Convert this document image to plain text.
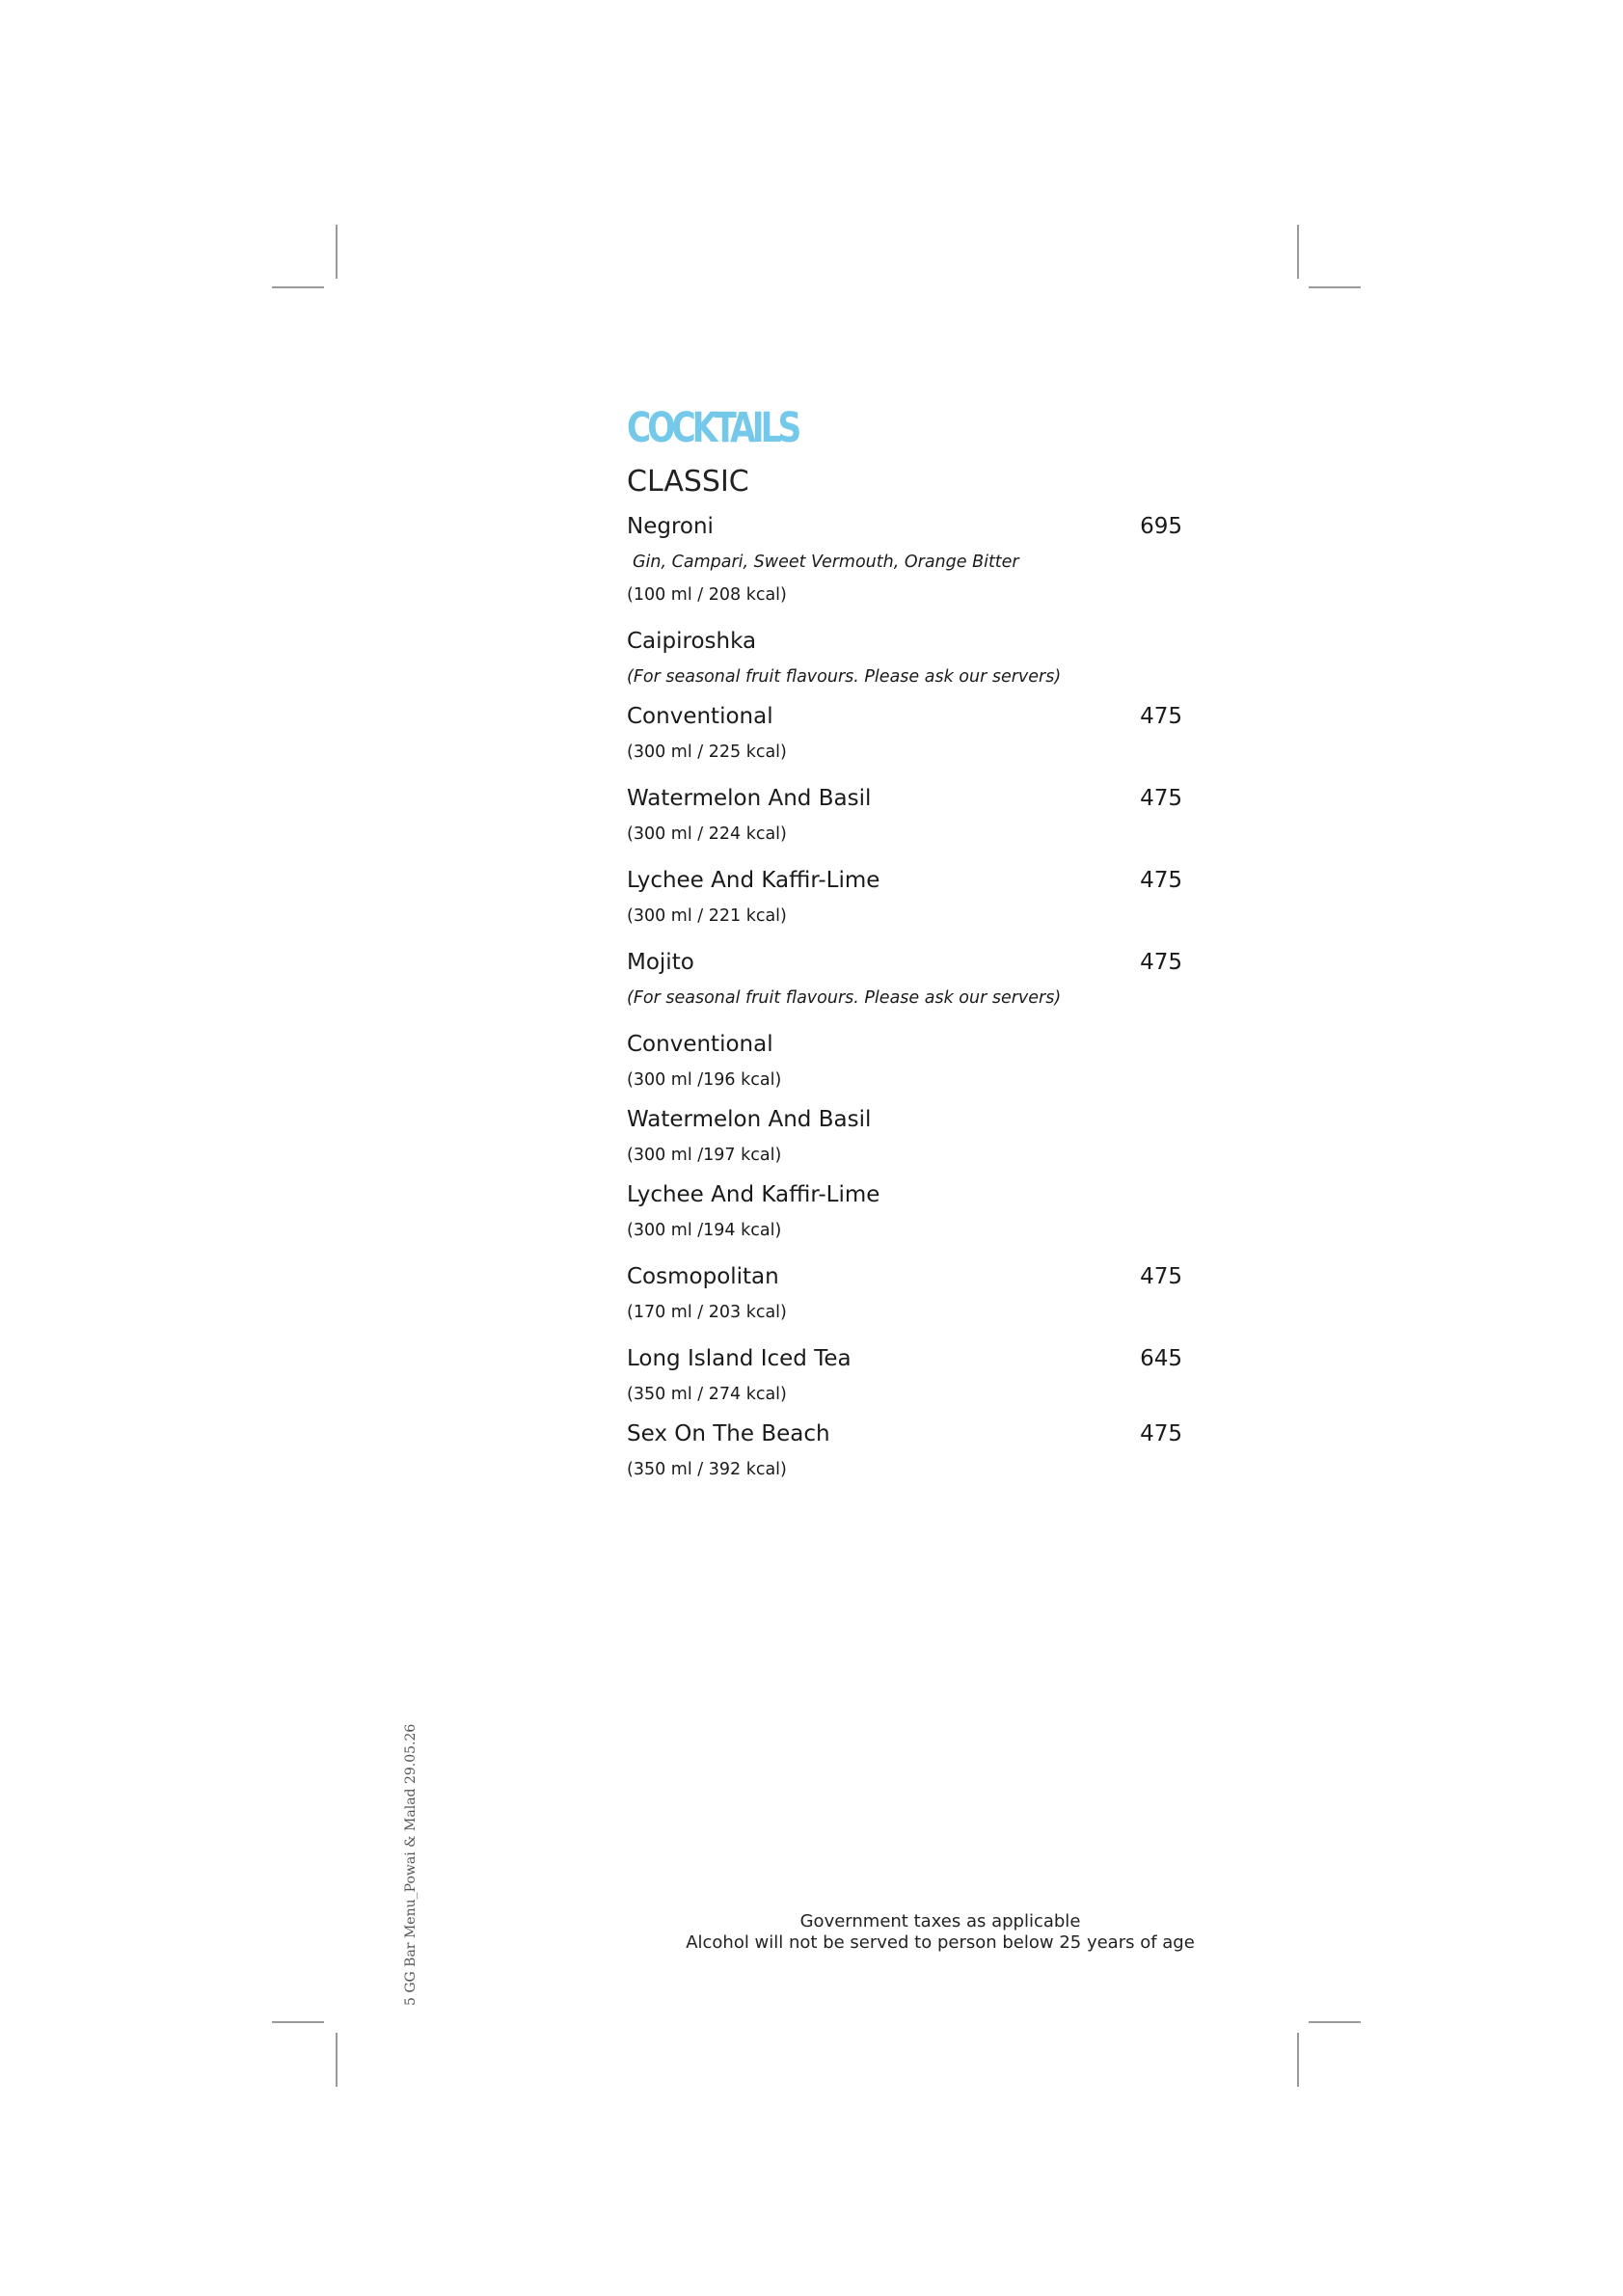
COCKTAILS
CLASSIC
Negroni	695
Gin, Campari, Sweet Vermouth, Orange Bitter
(100 ml / 208 kcal)
Caipiroshka
(For seasonal fruit flavours. Please ask our servers)
Conventional	475
(300 ml / 225 kcal)
Watermelon And Basil	475
(300 ml / 224 kcal)
Lychee And Kaffir-Lime	475
(300 ml / 221 kcal)
Mojito	475
(For seasonal fruit flavours. Please ask our servers)
Conventional
(300 ml /196 kcal)
Watermelon And Basil
(300 ml /197 kcal)
Lychee And Kaffir-Lime
(300 ml /194 kcal)
Cosmopolitan	475
(170 ml / 203 kcal)
Long Island Iced Tea	645
(350 ml / 274 kcal)
Sex On The Beach	475
(350 ml / 392 kcal)
Government taxes as applicable
Alcohol will not be served to person below 25 years of age
5 GG Bar Menu_Powai & Malad 29.05.26
